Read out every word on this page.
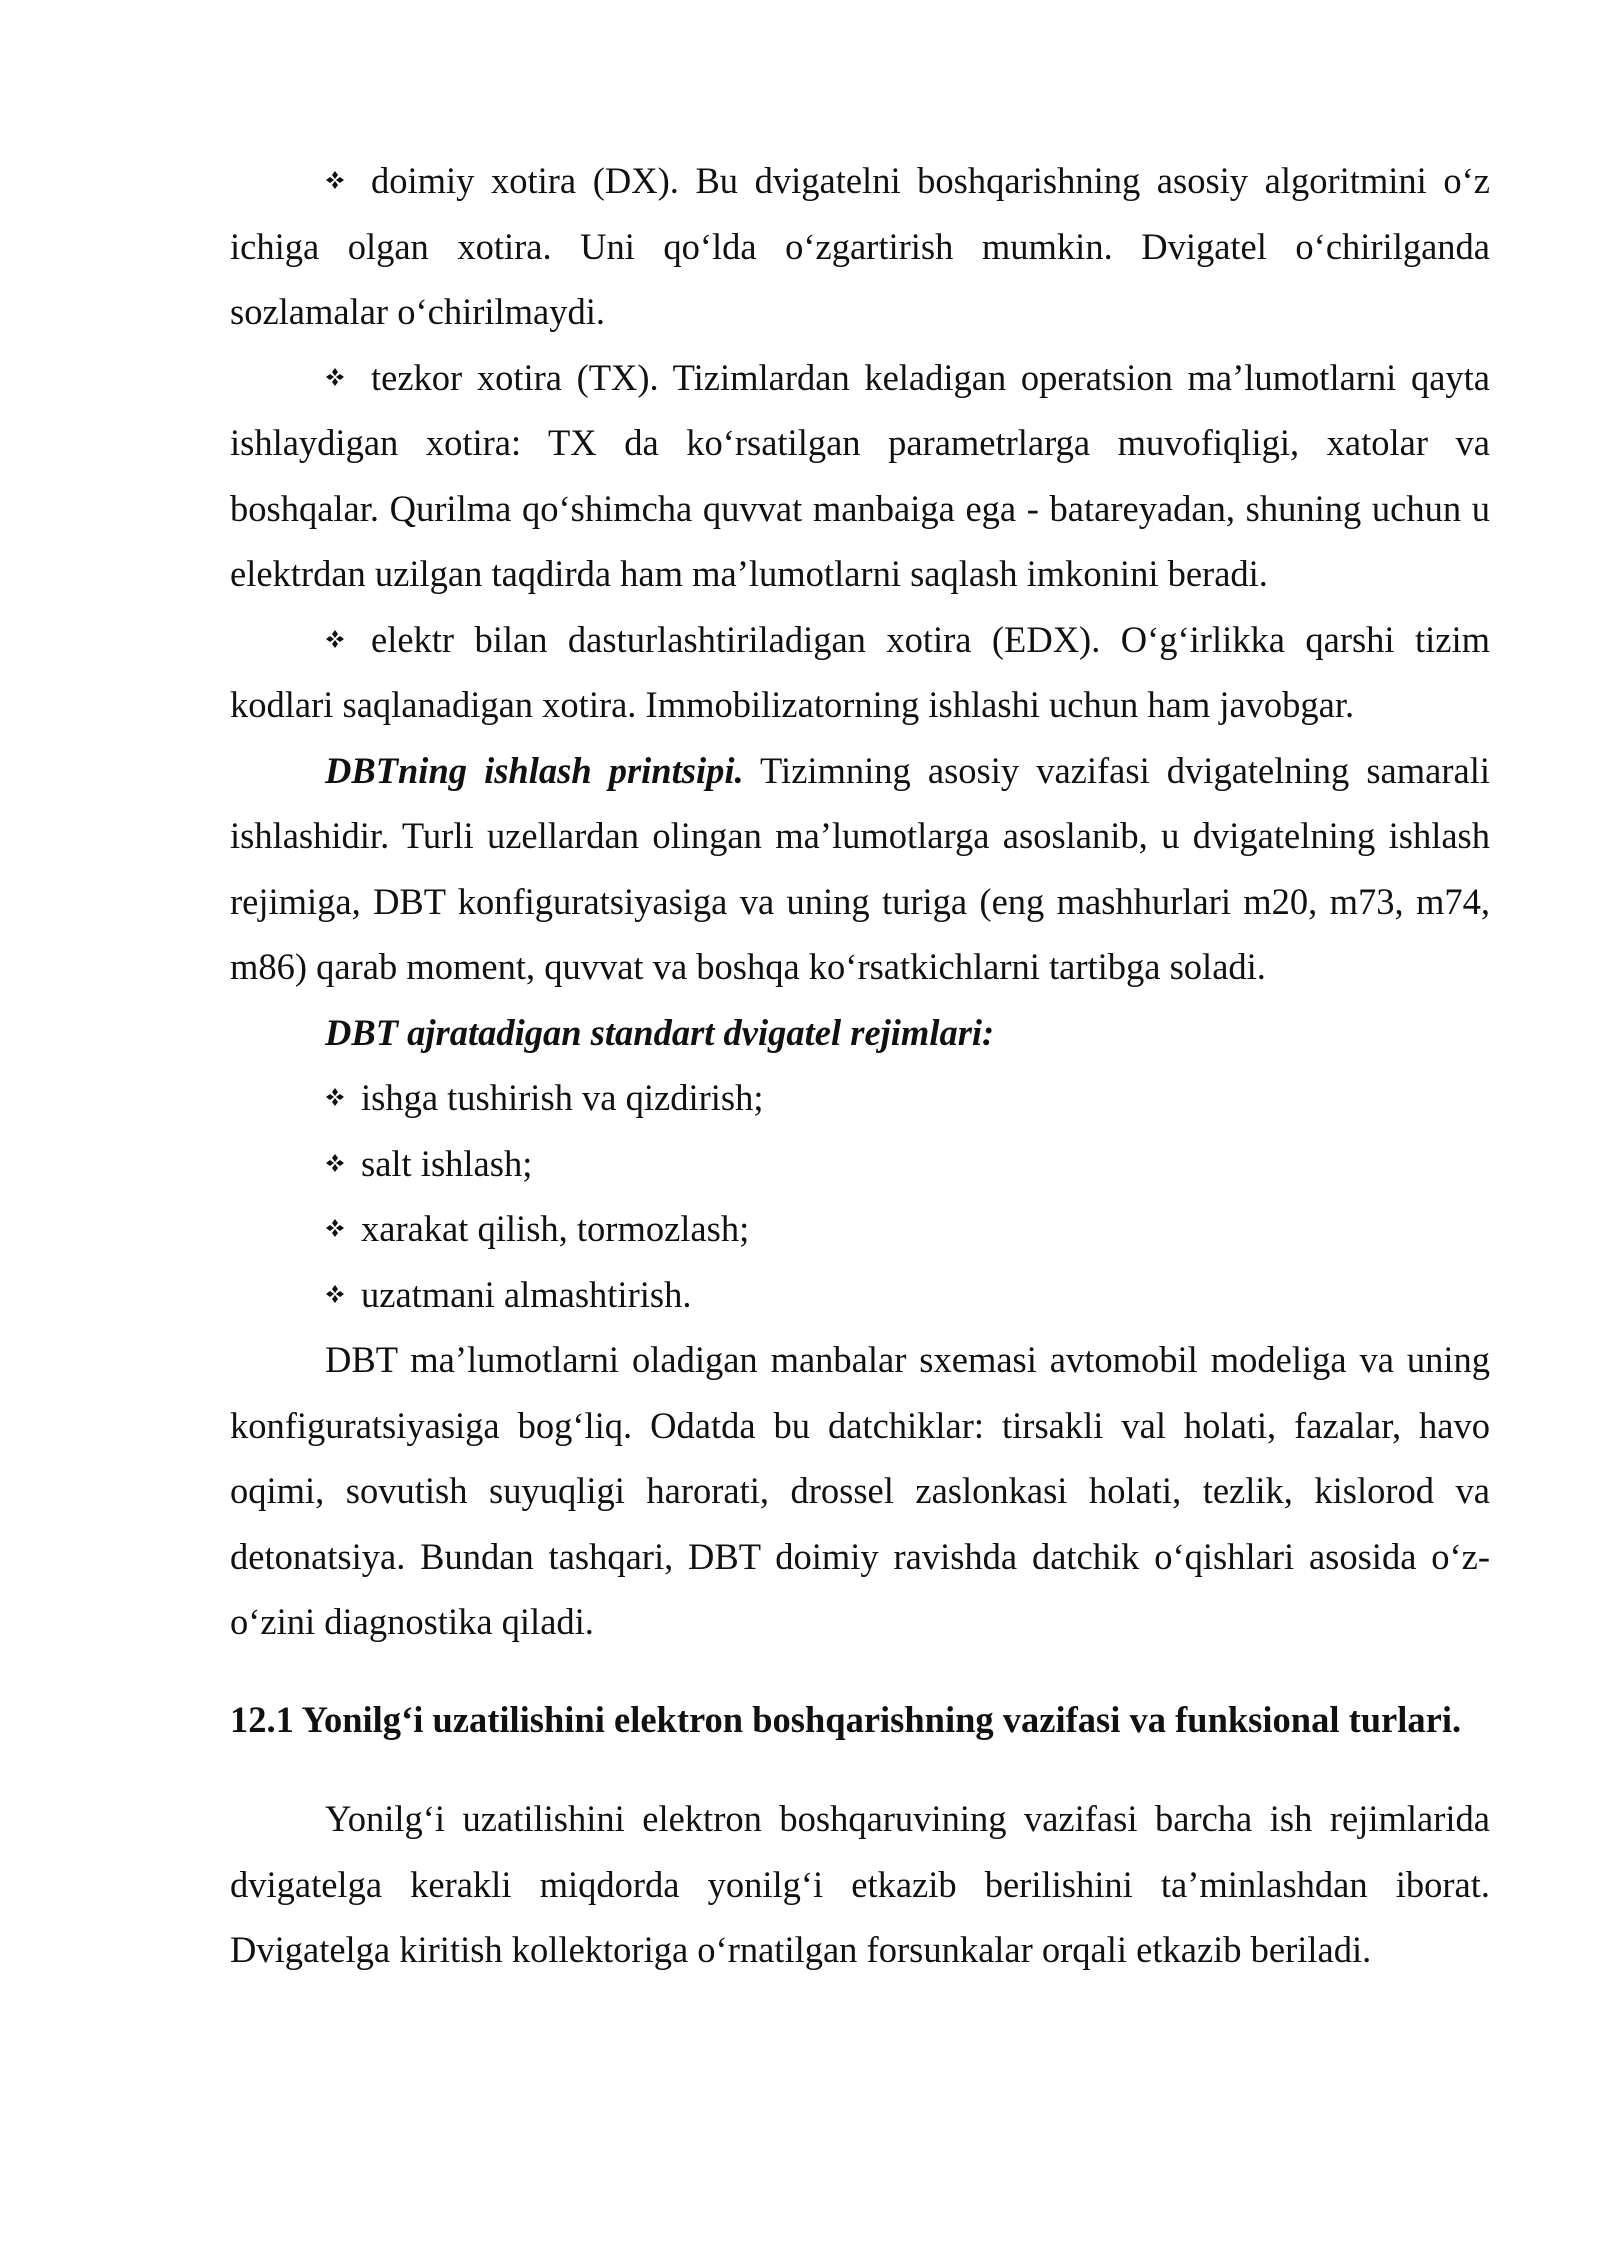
doimiy xotira (DX). Bu dvigatelni boshqarishning asosiy algoritmini o‘z ichiga olgan xotira. Uni qo‘lda o‘zgartirish mumkin. Dvigatel o‘chirilganda sozlamalar o‘chirilmaydi.

tezkor xotira (TX). Tizimlardan keladigan operatsion ma’lumotlarni qayta ishlaydigan xotira: TX da ko‘rsatilgan parametrlarga muvofiqligi, xatolar va boshqalar. Qurilma qo‘shimcha quvvat manbaiga ega - batareyadan, shuning uchun u elektrdan uzilgan taqdirda ham ma’lumotlarni saqlash imkonini beradi.

elektr bilan dasturlashtiriladigan xotira (EDX). O‘g‘irlikka qarshi tizim kodlari saqlanadigan xotira. Immobilizatorning ishlashi uchun ham javobgar.

DBTning ishlash printsipi. Tizimning asosiy vazifasi dvigatelning samarali ishlashidir. Turli uzellardan olingan ma’lumotlarga asoslanib, u dvigatelning ishlash rejimiga, DBT konfiguratsiyasiga va uning turiga (eng mashhurlari m20, m73, m74, m86) qarab moment, quvvat va boshqa ko‘rsatkichlarni tartibga soladi.

DBT ajratadigan standart dvigatel rejimlari:

ishga tushirish va qizdirish;

salt ishlash;

xarakat qilish, tormozlash;

uzatmani almashtirish.

DBT ma’lumotlarni oladigan manbalar sxemasi avtomobil modeliga va uning konfiguratsiyasiga bog‘liq. Odatda bu datchiklar: tirsakli val holati, fazalar, havo oqimi, sovutish suyuqligi harorati, drossel zaslonkasi holati, tezlik, kislorod va detonatsiya. Bundan tashqari, DBT doimiy ravishda datchik o‘qishlari asosida o‘z-o‘zini diagnostika qiladi.

12.1 Yonilg‘i uzatilishini elektron boshqarishning vazifasi va funksional turlari.

Yonilg‘i uzatilishini elektron boshqaruvining vazifasi barcha ish rejimlarida dvigatelga kerakli miqdorda yonilg‘i etkazib berilishini ta’minlashdan iborat. Dvigatelga kiritish kollektoriga o‘rnatilgan forsunkalar orqali etkazib beriladi.
